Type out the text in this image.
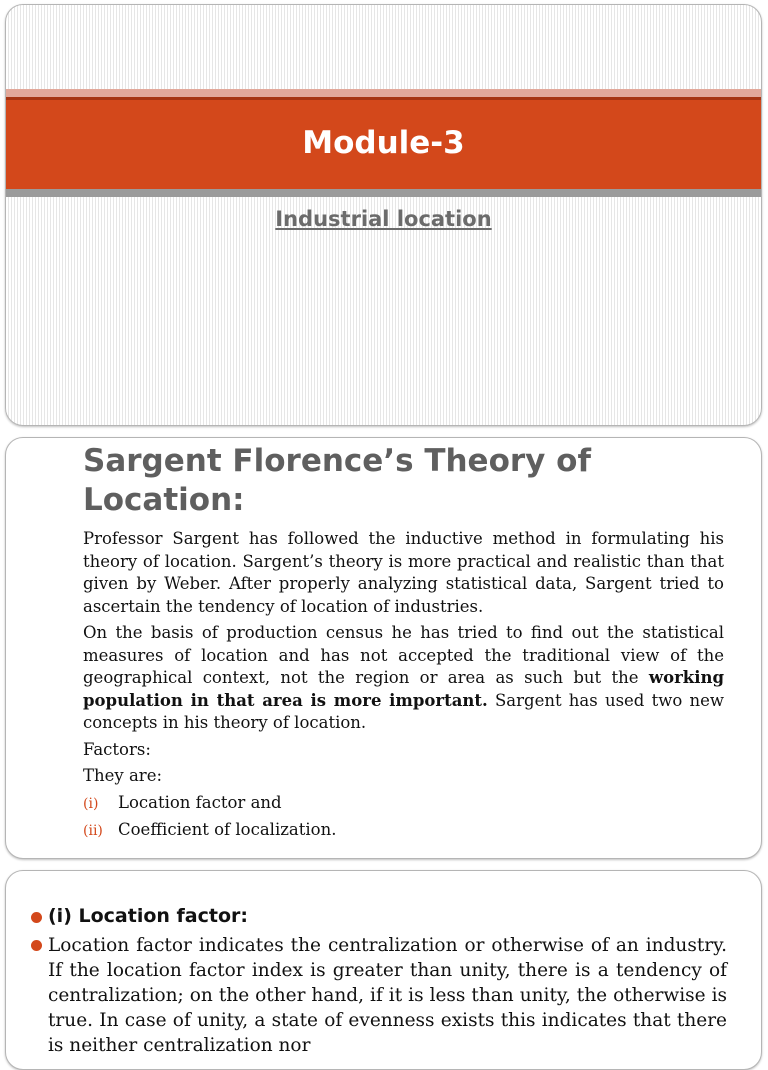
Module-3
Industrial location
Sargent Florence’s Theory of Location:

Professor Sargent has followed the inductive method in formulating his theory of location. Sargent’s theory is more practical and realistic than that given by Weber. After properly analyzing statistical data, Sargent tried to ascertain the tendency of location of industries.

On the basis of production census he has tried to find out the statistical measures of location and has not accepted the traditional view of the geographical context, not the region or area as such but the working population in that area is more important. Sargent has used two new concepts in his theory of location.

Factors:

They are:

(i)	Location factor and
(ii) Coefficient of localization.
(i) Location factor:
Location factor indicates the centralization or otherwise of an industry. If the location factor index is greater than unity, there is a tendency of centralization; on the other hand, if it is less than unity, the otherwise is true. In case of unity, a state of evenness exists this indicates that there is neither centralization nor
